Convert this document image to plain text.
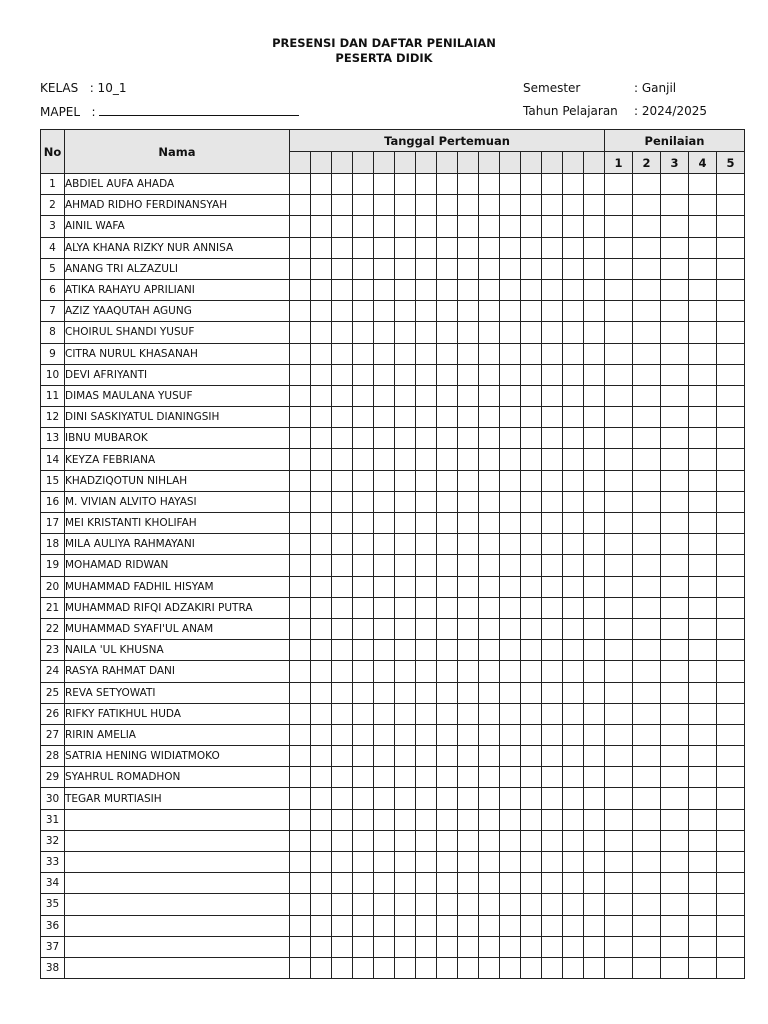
PRESENSI DAN DAFTAR PENILAIAN
PESERTA DIDIK
KELAS : 10_1
MAPEL :
Semester	: Ganjil
Tahun Pelajaran : 2024/2025
No	Nama	Tanggal Pertemuan															Penilaian				
																	1	2	3	4	5
1	ABDIEL AUFA AHADA																				
2	AHMAD RIDHO FERDINANSYAH																				
3	AINIL WAFA																				
4	ALYA KHANA RIZKY NUR ANNISA																				
5	ANANG TRI ALZAZULI																				
6	ATIKA RAHAYU APRILIANI																				
7	AZIZ YAAQUTAH AGUNG																				
8	CHOIRUL SHANDI YUSUF																				
9	CITRA NURUL KHASANAH																				
10	DEVI AFRIYANTI																				
11	DIMAS MAULANA YUSUF																				
12	DINI SASKIYATUL DIANINGSIH																				
13	IBNU MUBAROK																				
14	KEYZA FEBRIANA																				
15	KHADZIQOTUN NIHLAH																				
16	M. VIVIAN ALVITO HAYASI																				
17	MEI KRISTANTI KHOLIFAH																				
18	MILA AULIYA RAHMAYANI																				
19	MOHAMAD RIDWAN																				
20	MUHAMMAD FADHIL HISYAM																				
21	MUHAMMAD RIFQI ADZAKIRI PUTRA																				
22	MUHAMMAD SYAFI'UL ANAM																				
23	NAILA 'UL KHUSNA																				
24	RASYA RAHMAT DANI																				
25	REVA SETYOWATI																				
26	RIFKY FATIKHUL HUDA																				
27	RIRIN AMELIA																				
28	SATRIA HENING WIDIATMOKO																				
29	SYAHRUL ROMADHON																				
30	TEGAR MURTIASIH																				
31																					
32																					
33																					
34																					
35																					
36																					
37																					
38																					
